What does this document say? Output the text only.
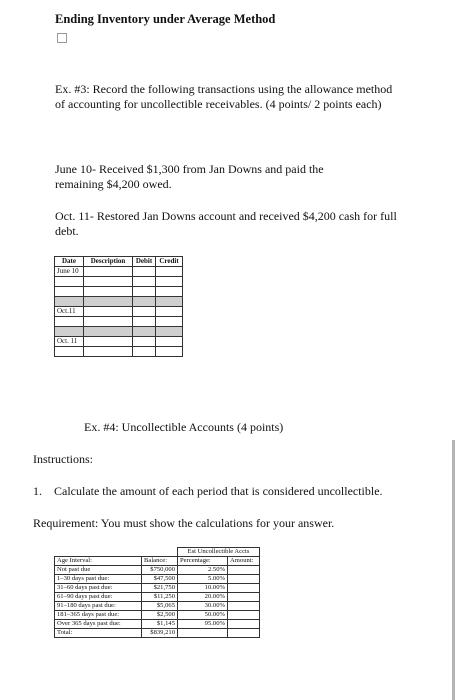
Ending Inventory under Average Method
Ex. #3: Record the following transactions using the allowance method of accounting for uncollectible receivables. (4 points/ 2 points each)
June 10- Received $1,300 from Jan Downs and paid the remaining $4,200 owed.
Oct. 11- Restored Jan Downs account and received $4,200 cash for full debt.
Date	Description	Debit	Credit
June 10			

Oct.11			

Oct. 11			

Ex. #4: Uncollectible Accounts (4 points)
Instructions:
1. Calculate the amount of each period that is considered uncollectible.
Requirement: You must show the calculations for your answer.
		Est Uncollectible Accts	
Age Interval:	Balance:	Percentage:	Amount:
Not past due	$750,000	2.50%	
1–30 days past due:	$47,500	5.00%	
31–60 days past due:	$21,750	10.00%	
61–90 days past due:	$11,250	20.00%	
91–180 days past due:	$5,065	30.00%	
181–365 days past due:	$2,500	50.00%	
Over 365 days past due:	$1,145	95.00%	
Total:	$839,210		
